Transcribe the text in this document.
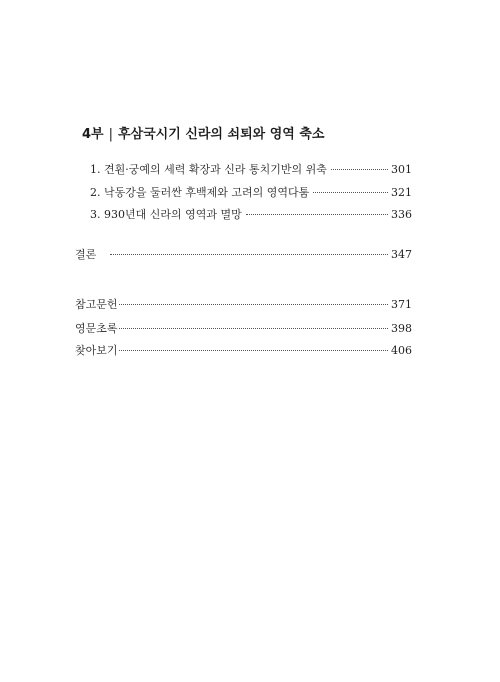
4부 | 후삼국시기 신라의 쇠퇴와 영역 축소
1. 견훤·궁예의 세력 확장과 신라 통치기반의 위축	301
2. 낙동강을 둘러싼 후백제와 고려의 영역다툼	321
3. 930년대 신라의 영역과 멸망	336
결론	347
참고문헌	371
영문초록	398
찾아보기	406
